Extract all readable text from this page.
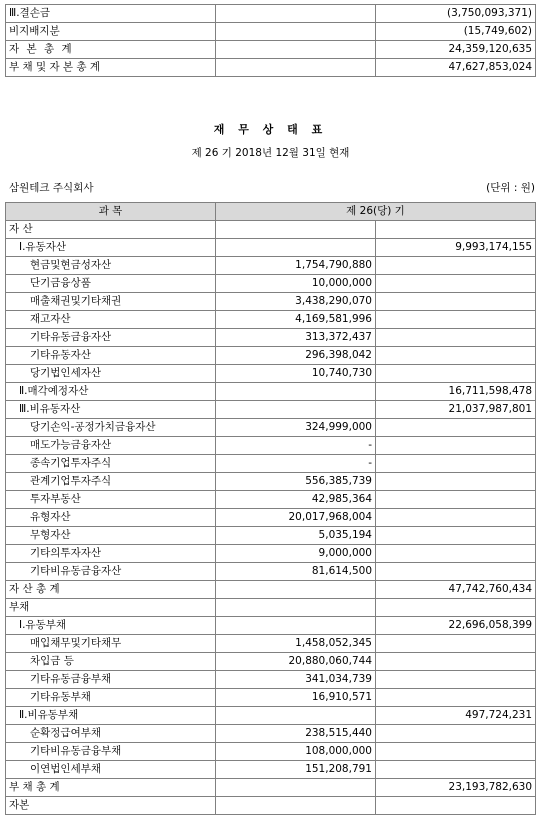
Ⅲ.결손금		(3,750,093,371)
비지배지분		(15,749,602)
자 본 총 계		24,359,120,635
부 채 및 자 본 총 계		47,627,853,024
재 무 상 태 표
제 26 기 2018년 12월 31일 현재
삼원테크 주식회사	(단위 : 원)
과 목	제 26(당) 기	
자 산		
Ⅰ.유동자산		9,993,174,155
현금및현금성자산	1,754,790,880	
단기금융상품	10,000,000	
매출채권및기타채권	3,438,290,070	
재고자산	4,169,581,996	
기타유동금융자산	313,372,437	
기타유동자산	296,398,042	
당기법인세자산	10,740,730	
Ⅱ.매각예정자산		16,711,598,478
Ⅲ.비유동자산		21,037,987,801
당기손익-공정가치금융자산	324,999,000	
매도가능금융자산	-	
종속기업투자주식	-	
관계기업투자주식	556,385,739	
투자부동산	42,985,364	
유형자산	20,017,968,004	
무형자산	5,035,194	
기타의투자자산	9,000,000	
기타비유동금융자산	81,614,500	
자 산 총 계		47,742,760,434
부채		
Ⅰ.유동부채		22,696,058,399
매입채무및기타채무	1,458,052,345	
차입금 등	20,880,060,744	
기타유동금융부채	341,034,739	
기타유동부채	16,910,571	
Ⅱ.비유동부채		497,724,231
순확정급여부채	238,515,440	
기타비유동금융부채	108,000,000	
이연법인세부채	151,208,791	
부 채 총 계		23,193,782,630
자본		
